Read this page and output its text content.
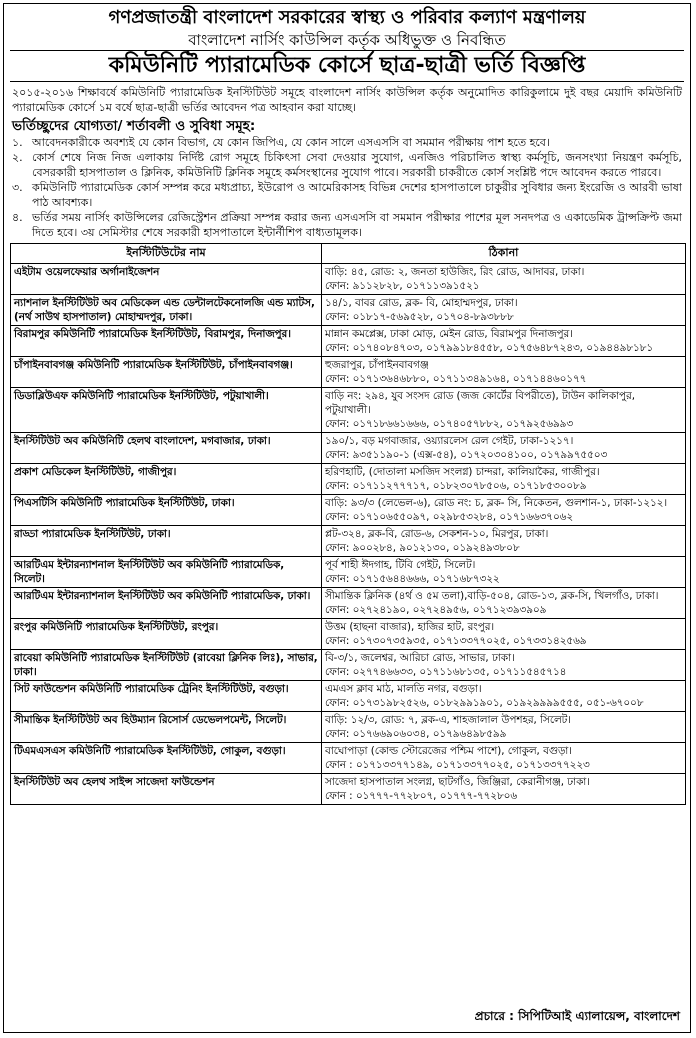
গণপ্রজাতন্ত্রী বাংলাদেশ সরকারের স্বাস্থ্য ও পরিবার কল্যাণ মন্ত্রণালয়
বাংলাদেশ নার্সিং কাউন্সিল কর্তৃক অধিভুক্ত ও নিবন্ধিত
কমিউনিটি প্যারামেডিক কোর্সে ছাত্র-ছাত্রী ভর্তি বিজ্ঞপ্তি
২০১৫-২০১৬ শিক্ষাবর্ষে কমিউনিটি প্যারামেডিক ইনস্টিটিউট সমূহে বাংলাদেশ নার্সিং কাউন্সিল কর্তৃক অনুমোদিত কারিকুলামে দুই বছর মেয়াদি কমিউনিটি প্যারামেডিক কোর্সে ১ম বর্ষে ছাত্র-ছাত্রী ভর্তির আবেদন পত্র আহবান করা যাচ্ছে।
ভর্তিচ্ছুদের যোগ্যতা/ শর্তাবলী ও সুবিধা সমূহ:
১. আবেদনকারীকে অবশ্যই যে কোন বিভাগ, যে কোন জিপিএ, যে কোন সালে এসএসসি বা সমমান পরীক্ষায় পাশ হতে হবে।
২. কোর্স শেষে নিজ নিজ এলাকায় নির্দিষ্ট রোগ সমূহে চিকিৎসা সেবা দেওয়ার সুযোগ, এনজিও পরিচালিত স্বাস্থ্য কর্মসূচি, জনসংখ্যা নিয়ন্ত্রণ কর্মসূচি, বেসরকারী হাসপাতাল ও ক্লিনিক, কমিউনিটি ক্লিনিক সমূহে কর্মসংস্থানের সুযোগ পাবে। সরকারী চাকরীতে কোর্স সংশ্লিষ্ট পদে আবেদন করতে পারবে।
৩. কমিউনিটি প্যারামেডিক কোর্স সম্পন্ন করে মধ্যপ্রাচ্য, ইউরোপ ও আমেরিকাসহ বিভিন্ন দেশের হাসপাতালে চাকুরীর সুবিধার জন্য ইংরেজি ও আরবী ভাষা পাঠ আবশ্যক।
৪. ভর্তির সময় নার্সিং কাউন্সিলের রেজিস্ট্রেশন প্রক্রিয়া সম্পন্ন করার জন্য এসএসসি বা সমমান পরীক্ষার পাশের মূল সনদপত্র ও একাডেমিক ট্রান্সক্রিপ্ট জমা দিতে হবে। ৩য় সেমিস্টার শেষে সরকারী হাসপাতালে ইন্টার্নীশিপ বাধ্যতামূলক।
ইনস্টিটিউটের নাম	ঠিকানা
এইটাম ওয়েলফেয়ার অর্গানাইজেশন	বাড়ি: ৪৫, রোড: ২, জনতা হাউজিং, রিং রোড, আদাবর, ঢাকা।
ফোন: ৯১১২৮২৮, ০১৭১১৩৯১৫২১

ন্যাশনাল ইনস্টিটিউট অব মেডিকেল এন্ড ডেন্টালটেকনোলজি এন্ড ম্যাটস, (নর্থ সাউথ হাসপাতাল) মোহাম্মদপুর, ঢাকা।	১৪/১, বাবর রোড, ব্লক- বি, মোহাম্মদপুর, ঢাকা।
ফোন: ০১৮১৭-৫৬৯৫২৮, ০১৭০৪-৮৯৩৮৮৮

বিরামপুর কমিউনিটি প্যারামেডিক ইনস্টিটিউট, বিরামপুর, দিনাজপুর।	মান্নান কমপ্লেক্স, ঢাকা মোড়, মেইন রোড, বিরামপুর দিনাজপুর।
ফোন: ০১৭৪০৮৪৭০৩, ০১৭৯৯১৮৪৫৫৮, ০১৭৫৬৪৮৭২৪৩, ০১৯৪৪৯৮১৮১

চাঁপাইনবাবগঞ্জ কমিউনিটি প্যারামেডিক ইনস্টিটিউট, চাঁপাইনবাবগঞ্জ।	হুজরাপুর, চাঁপাইনবাবগঞ্জ
ফোন: ০১৭১৩৬৪৬৮৮০, ০১৭১১৩৪৯১৬৪, ০১৭১৪৪৬০১৭৭

ডিডাব্লিউএফ কমিউনিটি প্যারামেডিক ইনস্টিটিউট, পটুয়াখালী।	বাড়ি নং: ২৯৪, যুব সংসদ রোড (জজ কোর্টের বিপরীতে), টাউন কালিকাপুর, পটুয়াখালী।
ফোন: ০১৭১৮৬৬১৬৬৬, ০১৭৪০৫৭৮৮২, ০১৭৯২৫৬৯৯৩

ইনস্টিটিউট অব কমিউনিটি হেলথ বাংলাদেশ, মগবাজার, ঢাকা।	১৯০/১, বড় মগবাজার, ওয়্যারলেস রেল গেইট, ঢাকা-১২১৭।
ফোন: ৯৩৫১১৯০-১ (এক্স-৫৪), ০১৭২০৩০৪১০০, ০১৭৯৯৭৫৫০৩

প্রকাশ মেডিকেল ইনস্টিটিউট, গাজীপুর।	হরিণহাটি, (দোতালা মসজিদ সংলগ্ন) চান্দরা, কালিয়াকৈর, গাজীপুর।
ফোন: ০১৭১১২৭৭৭১৭, ০১৮২৩০৭৮৫০৬, ০১৭১৮৫৩০০৮৯

পিএসটিসি কমিউনিটি প্যারামেডিক ইনস্টিটিউট, ঢাকা।	বাড়ি: ৯৩/৩ (লেভেল-৬), রোড নং: চ, ব্লক- সি, নিকেতন, গুলশান-১, ঢাকা-১২১২।
ফোন: ০১৭১০৬৫৫০৯৭, ০২৯৮৫৩২৮৪, ০১৭১৬৬৩৭০৬২

রাড্ডা প্যারামেডিক ইনস্টিটিউট, ঢাকা।	প্লট-৩২৪, ব্লক-বি, রোড-৬, সেকশন-১০, মিরপুর, ঢাকা।
ফোন: ৯০০২৮৪, ৯০১২১৩০, ০১৯২৪৯৩৮০৮

আরটিএম ইন্টারন্যাশনাল ইনস্টিটিউট অব কমিউনিটি প্যারামেডিক, সিলেট।	পূর্ব শাহী ঈদগাহ, টিবি গেইট, সিলেট।
ফোন: ০১৭১৫৬৪৪৬৬৬, ০১৭১৬৮৭৩২২

আরটিএম ইন্টারন্যাশনাল ইনস্টিটিউট অব কমিউনিটি প্যারামেডিক, ঢাকা।	সীমান্তিক ক্লিনিক (৪র্থ ও ৫ম তলা),বাড়ি-৫০৪, রোড-১৩, ব্লক-সি, খিলগাঁও, ঢাকা।
ফোন: ০২৭২৪১৯০, ০২৭২৪৯৫৬, ০১৭১২৩৯৩৯০৯

রংপুর কমিউনিটি প্যারামেডিক ইনস্টিটিউট, রংপুর।	উত্তম (হাছনা বাজার), হাজির হাট, রংপুর।
ফোন: ০১৭৩০৭৩৫৯৩৫, ০১৭১৩৩৭৭০২৫, ০১৭৩৩১৪২৫৬৯

রাবেয়া কমিউনিটি প্যারামেডিক ইনস্টিটিউট (রাবেয়া ক্লিনিক লিঃ), সাভার, ঢাকা।	বি-৩/১, জলেশ্বর, আরিচা রোড, সাভার, ঢাকা।
ফোন: ০২৭৭৪৬৬৩৩, ০১৭১১৬৮১৩৫, ০১৭১১৫৪৫৭১৪

সিট ফাউন্ডেশন কমিউনিটি প্যারামেডিক ট্রেনিং ইনস্টিটিউট, বগুড়া।	এমএস ক্লাব মাঠ, মালতি নগর, বগুড়া।
ফোন: ০১৭৩১৯৮২৫২৬, ০১৮২৯৯১৯০১, ০১৯২৯৯৯৯৫৫৫, ০৫১-৬৭০০৮

সীমান্তিক ইনস্টিটিউট অব হিউম্যান রিসোর্স ডেভেলপমেন্ট, সিলেট।	বাড়ি: ১২/৩, রোড: ৭, ব্লক-এ, শাহজালাল উপশহর, সিলেট।
ফোন: ০১৭৬৬৯০৬০৩৪, ০১৭৯৬৪৯৮৫৯৯

টিএমএসএস কমিউনিটি প্যারামেডিক ইনস্টিটিউট, গোকুল, বগুড়া।	বাঘোপাড়া (কোল্ড স্টোরেজের পশ্চিম পাশে), গোকুল, বগুড়া।
ফোন : ০১৭১৩৩৭৭১৪৯, ০১৭১৩৩৭৭০২৫, ০১৭১৩৩৭৭২২৩

ইনস্টিটিউট অব হেলথ সাইন্স সাজেদা ফাউন্ডেশন	সাজেদা হাসপাতাল সংলগ্ন, ছাটগাঁও, জিঞ্জিরা, কেরানীগঞ্জ, ঢাকা।
ফোন : ০১৭৭৭-৭৭২৮০৭, ০১৭৭৭-৭৭২৮০৬
প্রচারে : সিপিটিআই এ্যালায়েন্স, বাংলাদেশ
